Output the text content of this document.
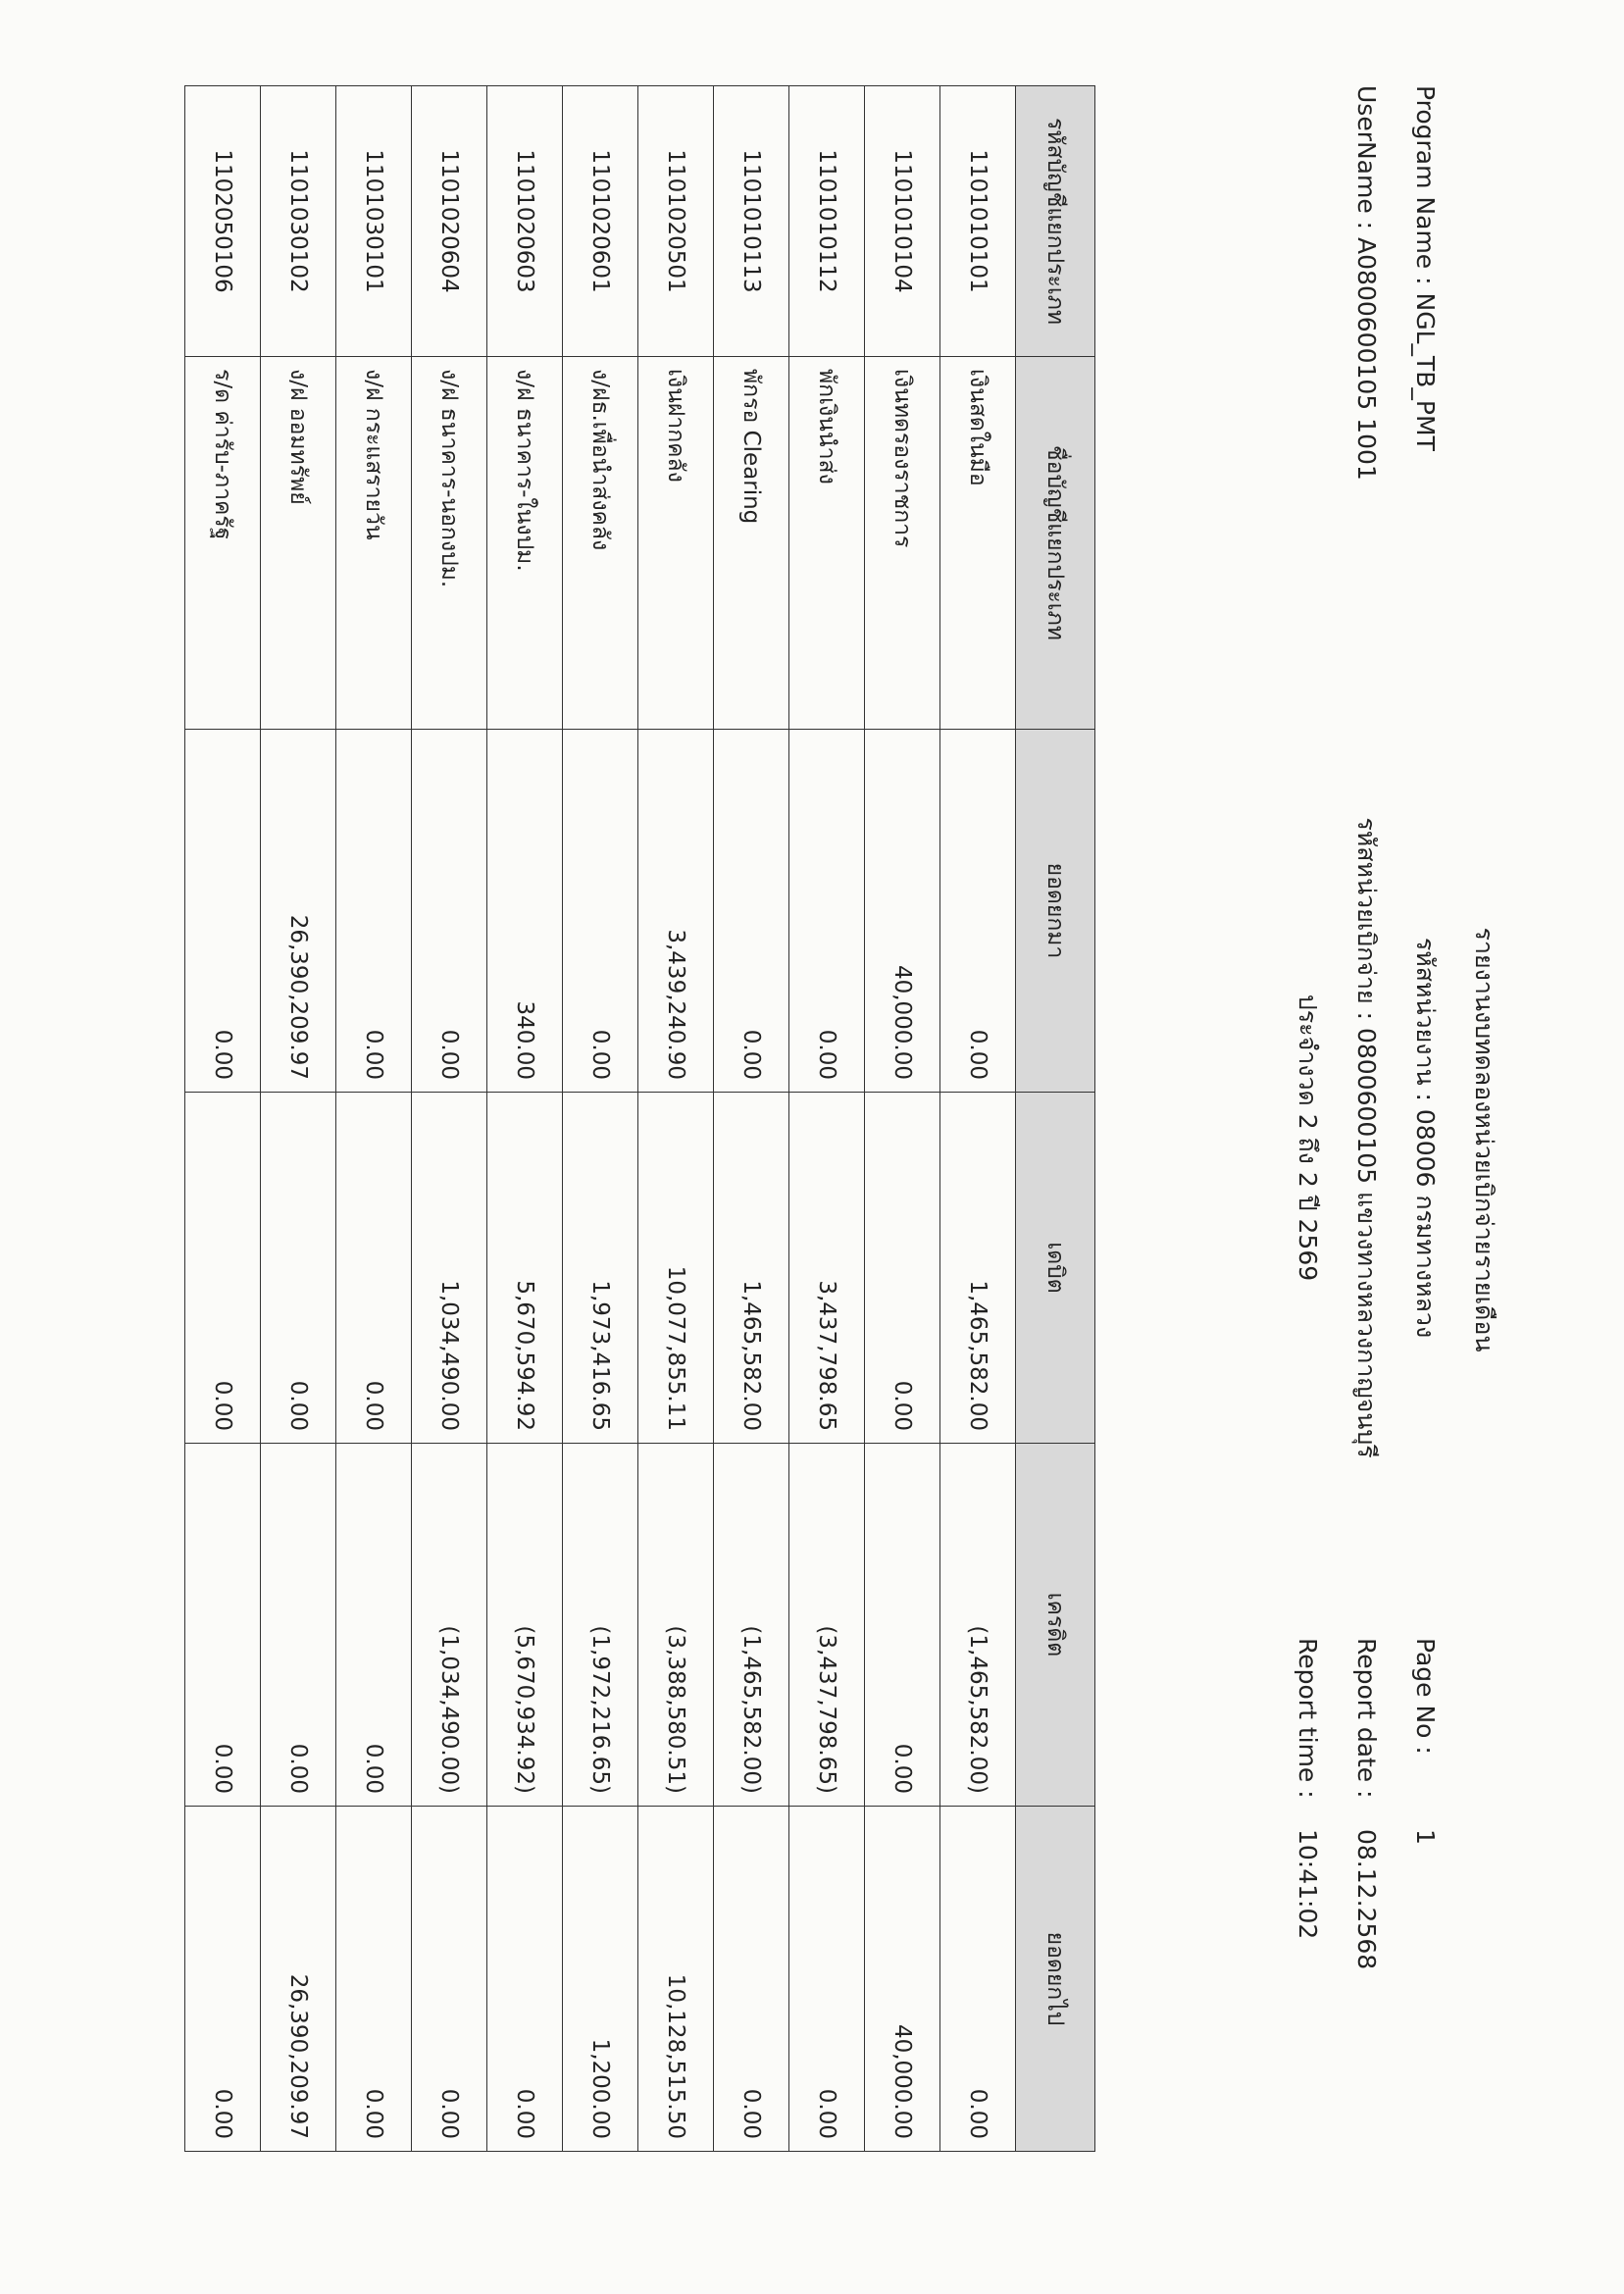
รายงานงบทดลองหน่วยเบิกจ่ายรายเดือน
รหัสหน่วยงาน : 08006 กรมทางหลวง
รหัสหน่วยเบิกจ่าย : 0800600105 แขวงทางหลวงกาญจนบุรี
ประจำงวด 2 ถึง 2 ปี 2569
Program Name : NGL_TB_PMT
UserName : A0800600105 1001
Page No :
1
Report date :
08.12.2568
Report time :
10:41:02
รหัสบัญชีแยกประเภท	ชื่อบัญชีแยกประเภท	ยอดยกมา	เดบิต	เครดิต	ยอดยกไป
1101010101	เงินสดในมือ	0.00	1,465,582.00	(1,465,582.00)	0.00
1101010104	เงินทดรองราชการ	40,000.00	0.00	0.00	40,000.00
1101010112	พักเงินนำส่ง	0.00	3,437,798.65	(3,437,798.65)	0.00
1101010113	พักรอ Clearing	0.00	1,465,582.00	(1,465,582.00)	0.00
1101020501	เงินฝากคลัง	3,439,240.90	10,077,855.11	(3,388,580.51)	10,128,515.50
1101020601	ง/ฝธ.เพื่อนำส่งคลัง	0.00	1,973,416.65	(1,972,216.65)	1,200.00
1101020603	ง/ฝ ธนาคาร-ในงปม.	340.00	5,670,594.92	(5,670,934.92)	0.00
1101020604	ง/ฝ ธนาคาร-นอกงปม.	0.00	1,034,490.00	(1,034,490.00)	0.00
1101030101	ง/ฝ กระแสรายวัน	0.00	0.00	0.00	0.00
1101030102	ง/ฝ ออมทรัพย์	26,390,209.97	0.00	0.00	26,390,209.97
1102050106	ร/ด ค่ารับ-ภาครัฐ	0.00	0.00	0.00	0.00
